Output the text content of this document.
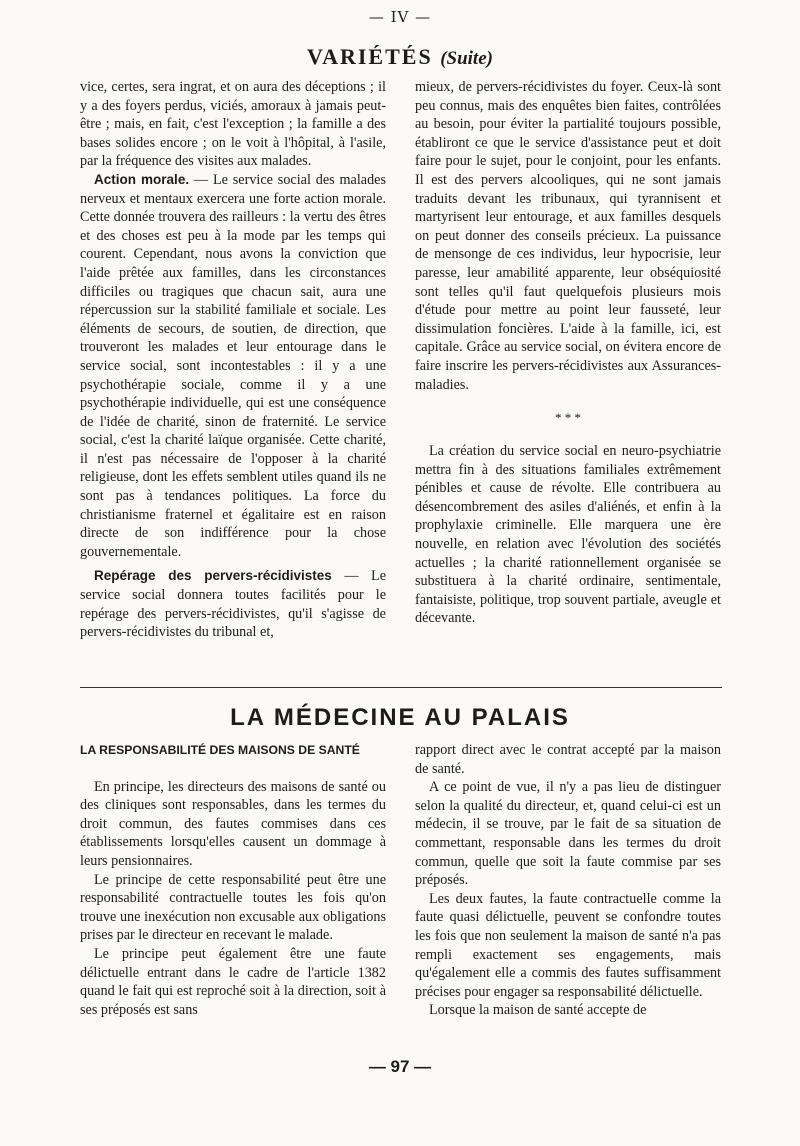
— IV —
VARIÉTÉS (Suite)

vice, certes, sera ingrat, et on aura des déceptions ; il y a des foyers perdus, viciés, amoraux à jamais peut-être ; mais, en fait, c'est l'exception ; la famille a des bases solides encore ; on le voit à l'hôpital, à l'asile, par la fréquence des visites aux malades.

Action morale. — Le service social des malades nerveux et mentaux exercera une forte action morale. Cette donnée trouvera des railleurs : la vertu des êtres et des choses est peu à la mode par les temps qui courent. Cependant, nous avons la conviction que l'aide prêtée aux familles, dans les circonstances difficiles ou tragiques que chacun sait, aura une répercussion sur la stabilité familiale et sociale. Les éléments de secours, de soutien, de direction, que trouveront les malades et leur entourage dans le service social, sont incontestables : il y a une psychothérapie sociale, comme il y a une psychothérapie individuelle, qui est une conséquence de l'idée de charité, sinon de fraternité. Le service social, c'est la charité laïque organisée. Cette charité, il n'est pas nécessaire de l'opposer à la charité religieuse, dont les effets semblent utiles quand ils ne sont pas à tendances politiques. La force du christianisme fraternel et égalitaire est en raison directe de son indifférence pour la chose gouvernementale.

Repérage des pervers-récidivistes — Le service social donnera toutes facilités pour le repérage des pervers-récidivistes, qu'il s'agisse de pervers-récidivistes du tribunal et,

mieux, de pervers-récidivistes du foyer. Ceux-là sont peu connus, mais des enquêtes bien faites, contrôlées au besoin, pour éviter la partialité toujours possible, établiront ce que le service d'assistance peut et doit faire pour le sujet, pour le conjoint, pour les enfants. Il est des pervers alcooliques, qui ne sont jamais traduits devant les tribunaux, qui tyrannisent et martyrisent leur entourage, et aux familles desquels on peut donner des conseils précieux. La puissance de mensonge de ces individus, leur hypocrisie, leur paresse, leur amabilité apparente, leur obséquiosité sont telles qu'il faut quelquefois plusieurs mois d'étude pour mettre au point leur fausseté, leur dissimulation foncières. L'aide à la famille, ici, est capitale. Grâce au service social, on évitera encore de faire inscrire les pervers-récidivistes aux Assurances-maladies.

* * *

La création du service social en neuro-psychiatrie mettra fin à des situations familiales extrêmement pénibles et cause de révolte. Elle contribuera au désencombrement des asiles d'aliénés, et enfin à la prophylaxie criminelle. Elle marquera une ère nouvelle, en relation avec l'évolution des sociétés actuelles ; la charité rationnellement organisée se substituera à la charité ordinaire, sentimentale, fantaisiste, politique, trop souvent partiale, aveugle et décevante.

LA MÉDECINE AU PALAIS

LA RESPONSABILITÉ DES MAISONS DE SANTÉ

En principe, les directeurs des maisons de santé ou des cliniques sont responsables, dans les termes du droit commun, des fautes commises dans ces établissements lorsqu'elles causent un dommage à leurs pensionnaires.

Le principe de cette responsabilité peut être une responsabilité contractuelle toutes les fois qu'on trouve une inexécution non excusable aux obligations prises par le directeur en recevant le malade.

Le principe peut également être une faute délictuelle entrant dans le cadre de l'article 1382 quand le fait qui est reproché soit à la direction, soit à ses préposés est sans

rapport direct avec le contrat accepté par la maison de santé.

A ce point de vue, il n'y a pas lieu de distinguer selon la qualité du directeur, et, quand celui-ci est un médecin, il se trouve, par le fait de sa situation de commettant, responsable dans les termes du droit commun, quelle que soit la faute commise par ses préposés.

Les deux fautes, la faute contractuelle comme la faute quasi délictuelle, peuvent se confondre toutes les fois que non seulement la maison de santé n'a pas rempli exactement ses engagements, mais qu'également elle a commis des fautes suffisamment précises pour engager sa responsabilité délictuelle.

Lorsque la maison de santé accepte de

— 97 —
